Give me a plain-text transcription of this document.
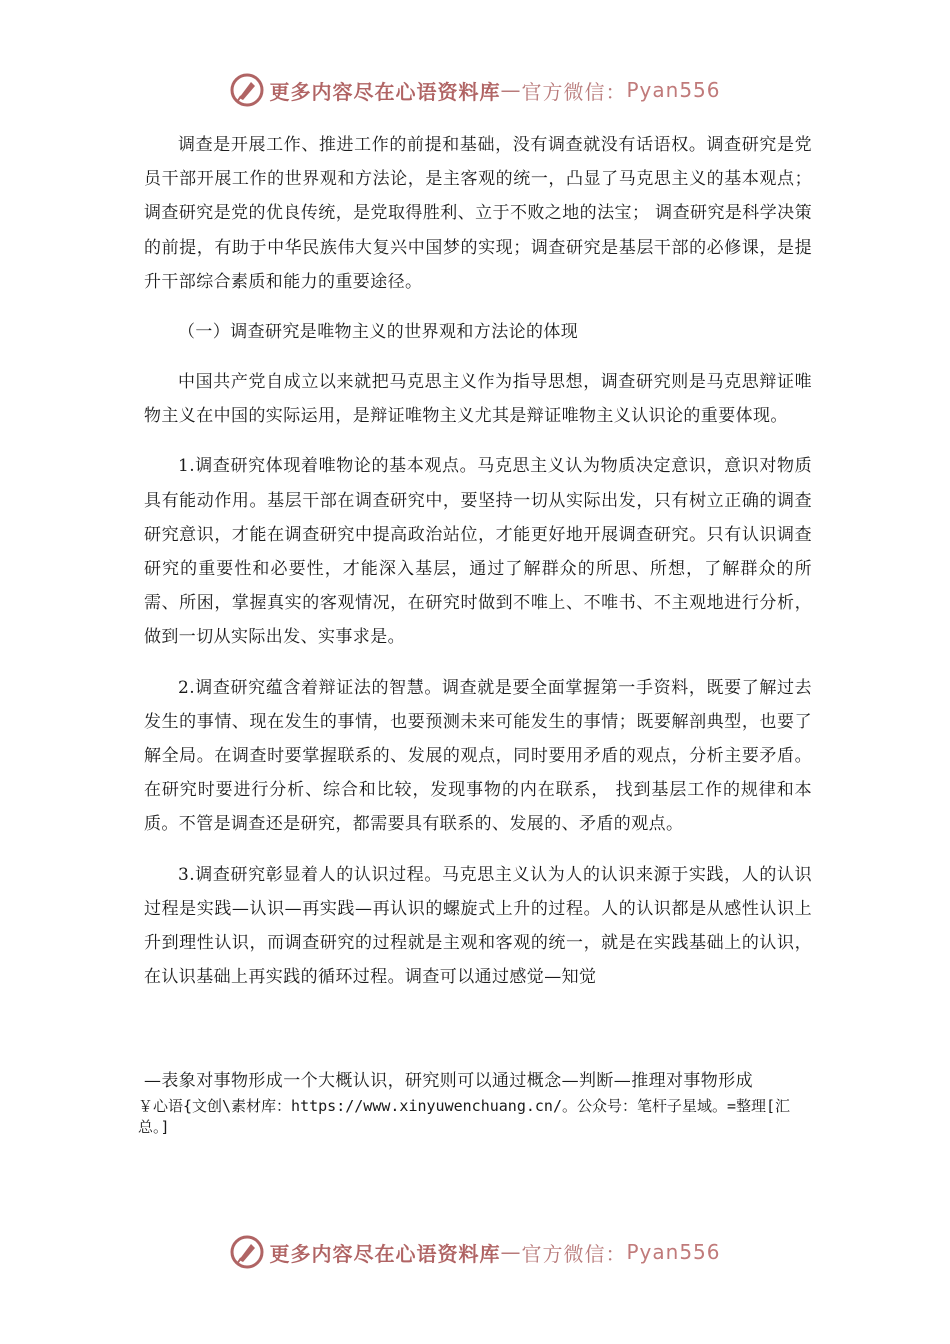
更多内容尽在心语资料库 — 官方微信： Pyan556

调查是开展工作、推进工作的前提和基础，没有调查就没有话语权。调查研究是党员干部开展工作的世界观和方法论，是主客观的统一，凸显了马克思主义的基本观点；调查研究是党的优良传统，是党取得胜利、立于不败之地的法宝； 调查研究是科学决策的前提，有助于中华民族伟大复兴中国梦的实现；调查研究是基层干部的必修课，是提升干部综合素质和能力的重要途径。

（一）调查研究是唯物主义的世界观和方法论的体现

中国共产党自成立以来就把马克思主义作为指导思想，调查研究则是马克思辩证唯物主义在中国的实际运用，是辩证唯物主义尤其是辩证唯物主义认识论的重要体现。

1.调查研究体现着唯物论的基本观点。马克思主义认为物质决定意识，意识对物质具有能动作用。基层干部在调查研究中，要坚持一切从实际出发，只有树立正确的调查研究意识，才能在调查研究中提高政治站位，才能更好地开展调查研究。只有认识调查研究的重要性和必要性，才能深入基层，通过了解群众的所思、所想，了解群众的所需、所困，掌握真实的客观情况，在研究时做到不唯上、不唯书、不主观地进行分析，做到一切从实际出发、实事求是。

2.调查研究蕴含着辩证法的智慧。调查就是要全面掌握第一手资料，既要了解过去发生的事情、现在发生的事情，也要预测未来可能发生的事情；既要解剖典型，也要了解全局。在调查时要掌握联系的、发展的观点，同时要用矛盾的观点，分析主要矛盾。在研究时要进行分析、综合和比较，发现事物的内在联系， 找到基层工作的规律和本质。不管是调查还是研究，都需要具有联系的、发展的、矛盾的观点。

3.调查研究彰显着人的认识过程。马克思主义认为人的认识来源于实践，人的认识过程是实践—认识—再实践—再认识的螺旋式上升的过程。人的认识都是从感性认识上升到理性认识，而调查研究的过程就是主观和客观的统一，就是在实践基础上的认识，在认识基础上再实践的循环过程。调查可以通过感觉—知觉

—表象对事物形成一个大概认识，研究则可以通过概念—判断—推理对事物形成
￥心语{文创\素材库：https://www.xinyuwenchuang.cn/。公众号：笔杆子星域。=整理[汇总。]
更多内容尽在心语资料库 — 官方微信： Pyan556
